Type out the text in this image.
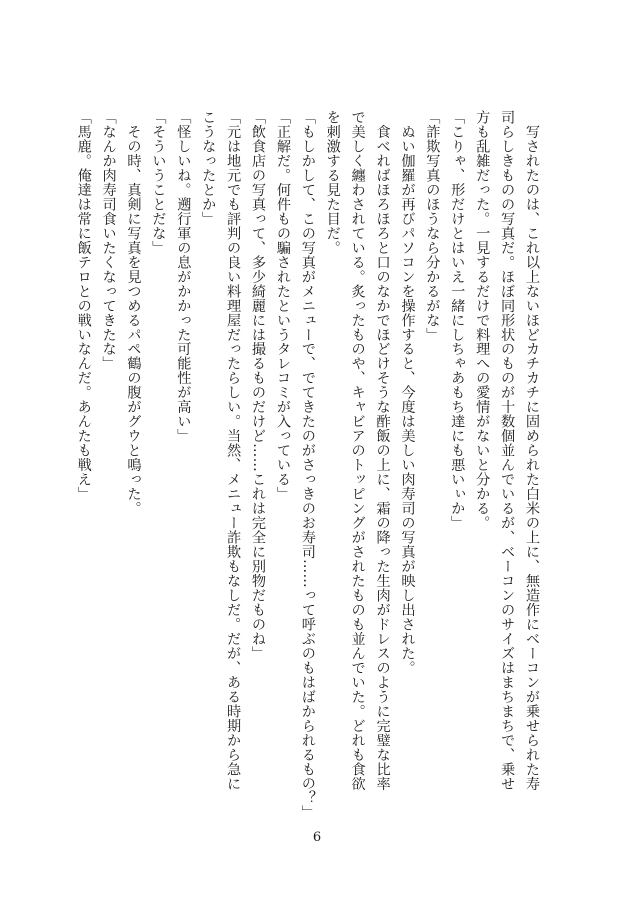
　写されたのは、これ以上ないほどカチカチに固められた白米の上に、無造作にベーコンが乗せられた寿
司らしきものの写真だ。ほぼ同形状のものが十数個並んでいるが、ベーコンのサイズはまちまちで、乗せ
方も乱雑だった。一見するだけで料理への愛情がないと分かる。
「こりゃ、形だけとはいえ一緒にしちゃあもち達にも悪いぃか」
「詐欺写真のほうなら分かるがな」
　ぬい伽羅が再びパソコンを操作すると、今度は美しい肉寿司の写真が映し出された。
　食べればほろほろと口のなかでほどけそうな酢飯の上に、霜の降った生肉がドレスのように完璧な比率
で美しく纏わされている。炙ったものや、キャビアのトッピングがされたものも並んでいた。どれも食欲
を刺激する見た目だ。
「もしかして、この写真がメニューで、でてきたのがさっきのお寿司……って呼ぶのもはばかられるもの？」
「正解だ。何件もの騙されたというタレコミが入っている」
「飲食店の写真って、多少綺麗には撮るものだけど……これは完全に別物だものね」
「元は地元でも評判の良い料理屋だったらしい。当然、メニュー詐欺もなしだ。だが、ある時期から急に
こうなったとか」
「怪しいね。遡行軍の息がかかった可能性が高い」
「そういうことだな」
　その時、真剣に写真を見つめるパペ鶴の腹がグウと鳴った。
「なんか肉寿司食いたくなってきたな」
「馬鹿。俺達は常に飯テロとの戦いなんだ。あんたも戦え」
6
